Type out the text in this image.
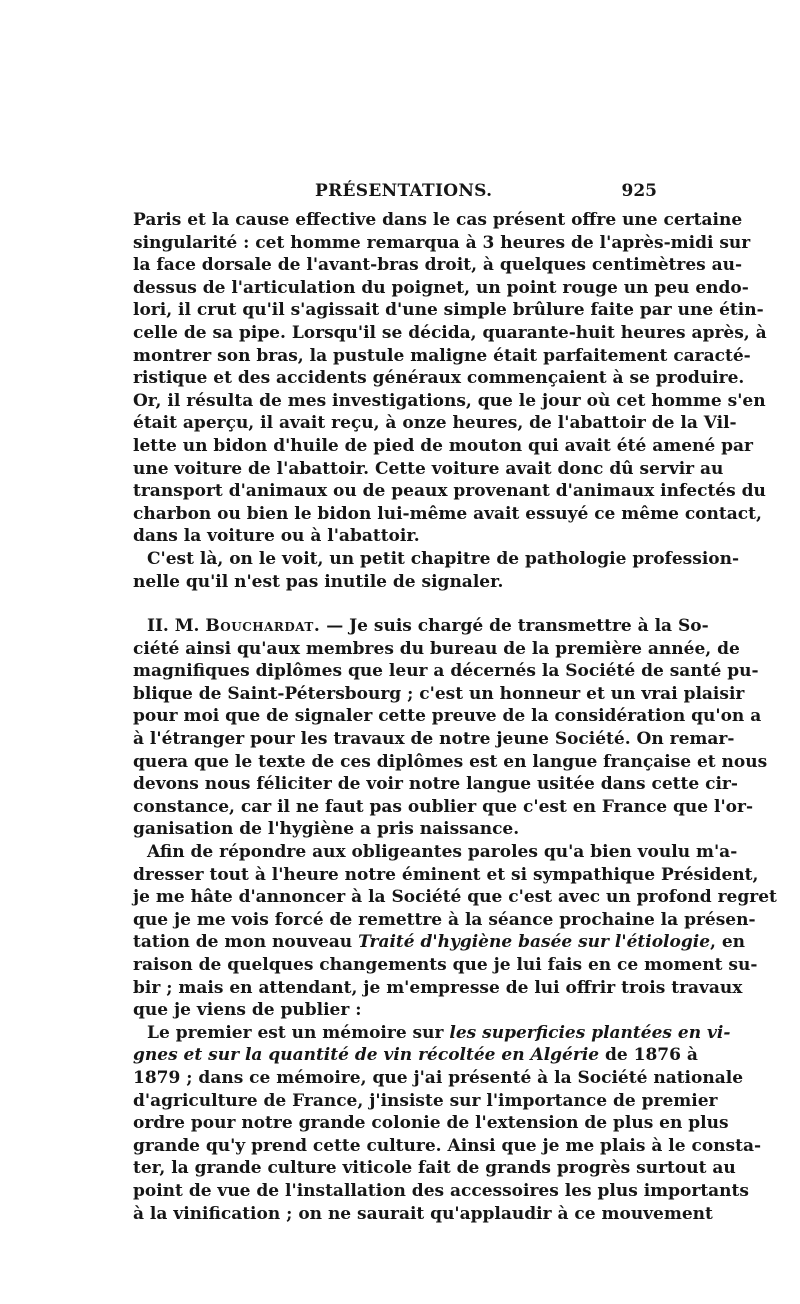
PRÉSENTATIONS.	925
Paris et la cause effective dans le cas présent offre une certaine
singularité : cet homme remarqua à 3 heures de l'après-midi sur
la face dorsale de l'avant-bras droit, à quelques centimètres au-
dessus de l'articulation du poignet, un point rouge un peu endo-
lori, il crut qu'il s'agissait d'une simple brûlure faite par une étin-
celle de sa pipe. Lorsqu'il se décida, quarante-huit heures après, à
montrer son bras, la pustule maligne était parfaitement caracté-
ristique et des accidents généraux commençaient à se produire.
Or, il résulta de mes investigations, que le jour où cet homme s'en
était aperçu, il avait reçu, à onze heures, de l'abattoir de la Vil-
lette un bidon d'huile de pied de mouton qui avait été amené par
une voiture de l'abattoir. Cette voiture avait donc dû servir au
transport d'animaux ou de peaux provenant d'animaux infectés du
charbon ou bien le bidon lui-même avait essuyé ce même contact,
dans la voiture ou à l'abattoir.
C'est là, on le voit, un petit chapitre de pathologie profession-
nelle qu'il n'est pas inutile de signaler.
II. M. Bouchardat. — Je suis chargé de transmettre à la So-
ciété ainsi qu'aux membres du bureau de la première année, de
magnifiques diplômes que leur a décernés la Société de santé pu-
blique de Saint-Pétersbourg ; c'est un honneur et un vrai plaisir
pour moi que de signaler cette preuve de la considération qu'on a
à l'étranger pour les travaux de notre jeune Société. On remar-
quera que le texte de ces diplômes est en langue française et nous
devons nous féliciter de voir notre langue usitée dans cette cir-
constance, car il ne faut pas oublier que c'est en France que l'or-
ganisation de l'hygiène a pris naissance.
Afin de répondre aux obligeantes paroles qu'a bien voulu m'a-
dresser tout à l'heure notre éminent et si sympathique Président,
je me hâte d'annoncer à la Société que c'est avec un profond regret
que je me vois forcé de remettre à la séance prochaine la présen-
tation de mon nouveau Traité d'hygiène basée sur l'étiologie, en
raison de quelques changements que je lui fais en ce moment su-
bir ; mais en attendant, je m'empresse de lui offrir trois travaux
que je viens de publier :
Le premier est un mémoire sur les superficies plantées en vi-
gnes et sur la quantité de vin récoltée en Algérie de 1876 à
1879 ; dans ce mémoire, que j'ai présenté à la Société nationale
d'agriculture de France, j'insiste sur l'importance de premier
ordre pour notre grande colonie de l'extension de plus en plus
grande qu'y prend cette culture. Ainsi que je me plais à le consta-
ter, la grande culture viticole fait de grands progrès surtout au
point de vue de l'installation des accessoires les plus importants
à la vinification ; on ne saurait qu'applaudir à ce mouvement
